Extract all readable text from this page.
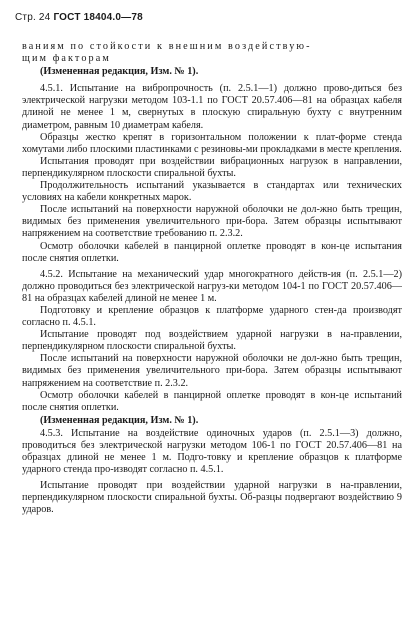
Стр. 24 ГОСТ 18404.0—78

ваниям по стойкости к внешним воздействую-

щим факторам

(Измененная редакция, Изм. № 1).

4.5.1. Испытание на вибропрочность (п. 2.5.1—1) должно прово-диться без электрической нагрузки методом 103-1.1 по ГОСТ 20.57.406—81 на образцах кабеля длиной не менее 1 м, свернутых в плоскую спиральную бухту с внутренним диаметром, равным 10 диаметрам кабеля.

Образцы жестко крепят в горизонтальном положении к плат-форме стенда хомутами либо плоскими пластинками с резиновы-ми прокладками в месте крепления.

Испытания проводят при воздействии вибрационных нагрузок в направлении, перпендикулярном плоскости спиральной бухты.

Продолжительность испытаний указывается в стандартах или технических условиях на кабели конкретных марок.

После испытаний на поверхности наружной оболочки не дол-жно быть трещин, видимых без применения увеличительного при-бора. Затем образцы испытывают напряжением на соответствие требованию п. 2.3.2.

Осмотр оболочки кабелей в панцирной оплетке проводят в кон-це испытания после снятия оплетки.

4.5.2. Испытание на механический удар многократного действ-ия (п. 2.5.1—2) должно проводиться без электрической нагруз-ки методом 104-1 по ГОСТ 20.57.406—81 на образцах кабелей длиной не менее 1 м.

Подготовку и крепление образцов к платформе ударного стен-да производят согласно п. 4.5.1.

Испытание проводят под воздействием ударной нагрузки в на-правлении, перпендикулярном плоскости спиральной бухты.

После испытаний на поверхности наружной оболочки не дол-жно быть трещин, видимых без применения увеличительного при-бора. Затем образцы испытывают напряжением на соответствие п. 2.3.2.

Осмотр оболочки кабелей в панцирной оплетке проводят в кон-це испытаний после снятия оплетки.

(Измененная редакция, Изм. № 1).

4.5.3. Испытание на воздействие одиночных ударов (п. 2.5.1—3) должно, проводиться без электрической нагрузки методом 106-1 по ГОСТ 20.57.406—81 на образцах длиной не менее 1 м. Подго-товку и крепление образцов к платформе ударного стенда про-изводят согласно п. 4.5.1.

Испытание проводят при воздействии ударной нагрузки в на-правлении, перпендикулярном плоскости спиральной бухты. Об-разцы подвергают воздействию 9 ударов.
